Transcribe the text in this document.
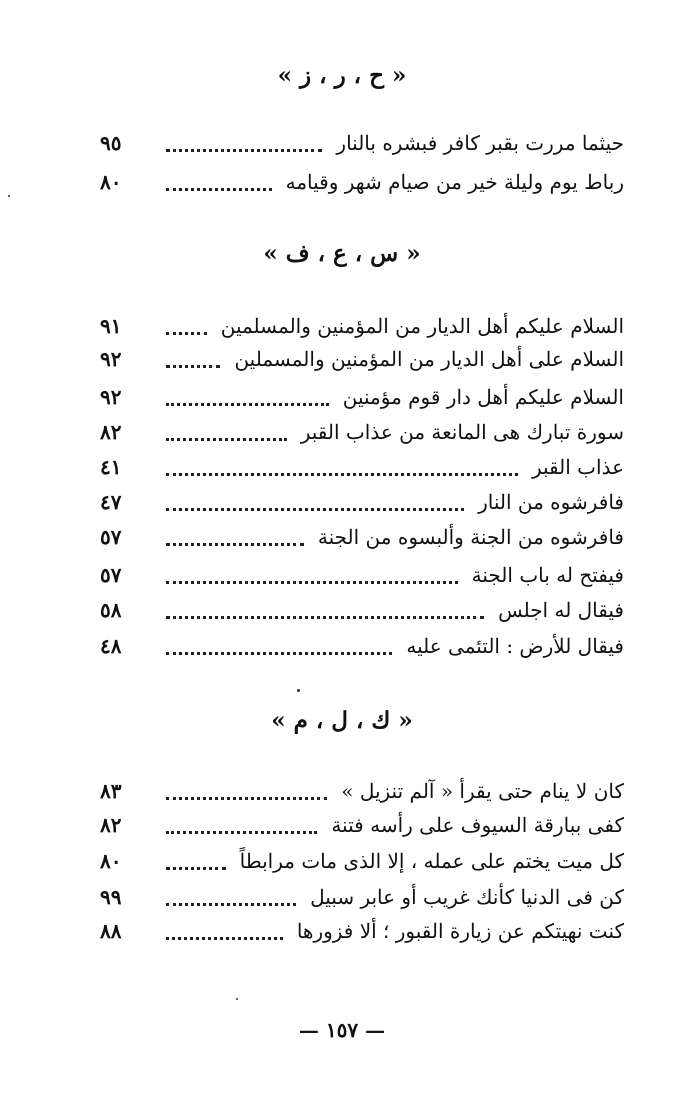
« ح ، ر ، ز »
حيثما مررت بقبر كافر فبشره بالنار
٩٥
رباط يوم وليلة خير من صيام شهر وقيامه
٨٠
« س ، ع ، ف »
السلام عليكم أهل الديار من المؤمنين والمسلمين
٩١
السلام على أهل الديار من المؤمنين والمسملين
٩٢
السلام عليكم أهل دار قوم مؤمنين
٩٢
سورة تبارك هى المانعة من عذاب القبر
٨٢
عذاب القبر
٤١
فافرشوه من النار
٤٧
فافرشوه من الجنة وألبسوه من الجنة
٥٧
فيفتح له باب الجنة
٥٧
فيقال له اجلس
٥٨
فيقال للأرض : التئمى عليه
٤٨
« ك ، ل ، م »
كان لا ينام حتى يقرأ « آلم تنزيل »
٨٣
كفى ببارقة السيوف على رأسه فتنة
٨٢
كل ميت يختم على عمله ، إلا الذى مات مرابطاً
٨٠
كن فى الدنيا كأنك غريب أو عابر سبيل
٩٩
كنت نهيتكم عن زيارة القبور ؛ ألا فزورها
٨٨
— ١٥٧ —
